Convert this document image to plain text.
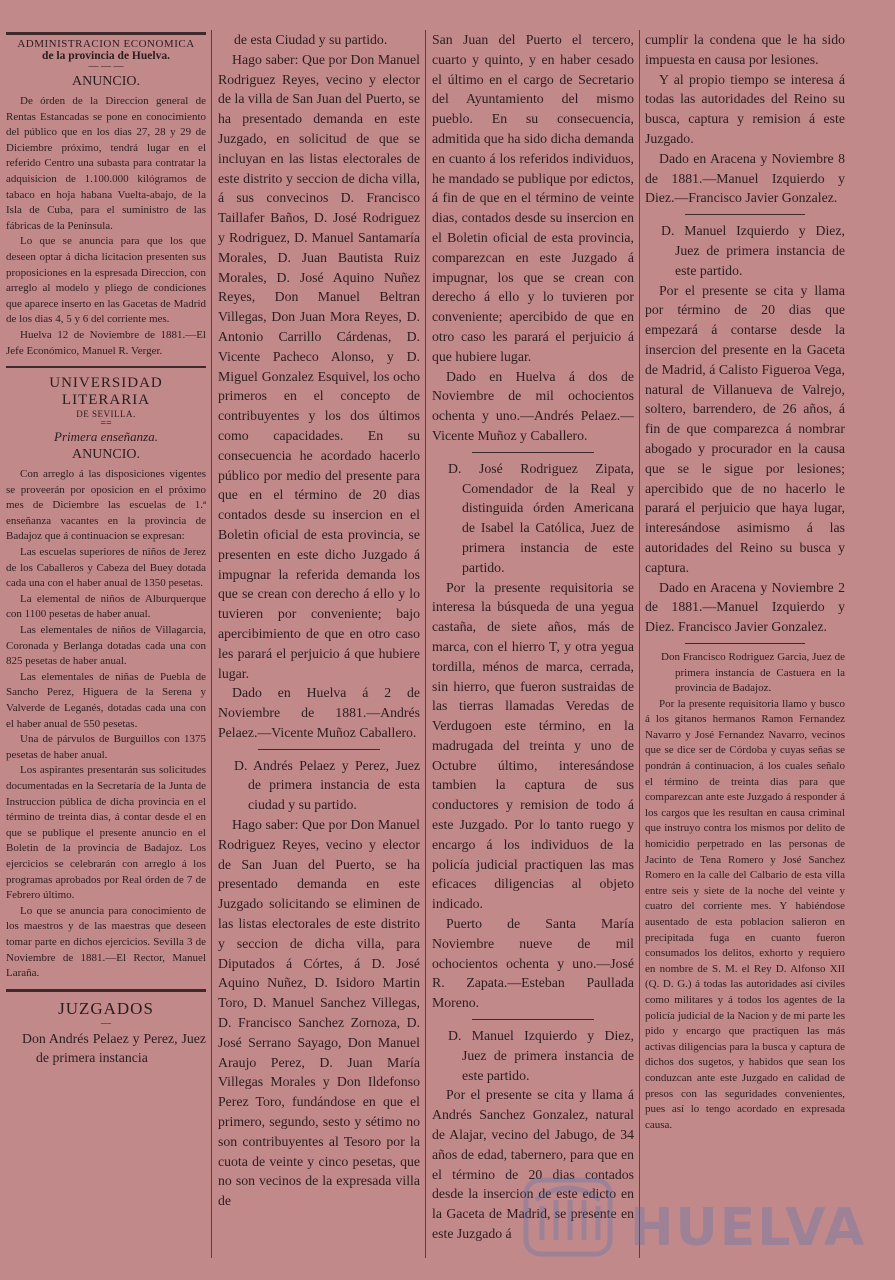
ADMINISTRACION ECONOMICA
de la provincia de Huelva.
— — —
ANUNCIO.

De órden de la Direccion general de Rentas Estancadas se pone en conocimiento del público que en los dias 27, 28 y 29 de Diciembre próximo, tendrá lugar en el referido Centro una subasta para contratar la adquisicion de 1.100.000 kilógramos de tabaco en hoja habana Vuelta-abajo, de la Isla de Cuba, para el suministro de las fábricas de la Península.

Lo que se anuncia para que los que deseen optar á dicha licitacion presenten sus proposiciones en la espresada Direccion, con arreglo al modelo y pliego de condiciones que aparece inserto en las Gacetas de Madrid de los dias 4, 5 y 6 del corriente mes.

Huelva 12 de Noviembre de 1881.—El Jefe Económico, Manuel R. Verger.

UNIVERSIDAD LITERARIA
DE SEVILLA.
==
Primera enseñanza.
ANUNCIO.

Con arreglo á las disposiciones vigentes se proveerán por oposicion en el próximo mes de Diciembre las escuelas de 1.ª enseñanza vacantes en la provincia de Badajoz que á continuacion se expresan:

Las escuelas superiores de niños de Jerez de los Caballeros y Cabeza del Buey dotada cada una con el haber anual de 1350 pesetas.

La elemental de niños de Alburquerque con 1100 pesetas de haber anual.

Las elementales de niños de Villagarcia, Coronada y Berlanga dotadas cada una con 825 pesetas de haber anual.

Las elementales de niñas de Puebla de Sancho Perez, Higuera de la Serena y Valverde de Leganés, dotadas cada una con el haber anual de 550 pesetas.

Una de párvulos de Burguillos con 1375 pesetas de haber anual.

Los aspirantes presentarán sus solicitudes documentadas en la Secretaría de la Junta de Instruccion pública de dicha provincia en el término de treinta dias, á contar desde el en que se publique el presente anuncio en el Boletin de la provincia de Badajoz. Los ejercicios se celebrarán con arreglo á los programas aprobados por Real órden de 7 de Febrero último.

Lo que se anuncia para conocimiento de los maestros y de las maestras que deseen tomar parte en dichos ejercicios. Sevilla 3 de Noviembre de 1881.—El Rector, Manuel Laraña.

JUZGADOS
—

Don Andrés Pelaez y Perez, Juez de primera instancia

de esta Ciudad y su partido.

Hago saber: Que por Don Manuel Rodriguez Reyes, vecino y elector de la villa de San Juan del Puerto, se ha presentado demanda en este Juzgado, en solicitud de que se incluyan en las listas electorales de este distrito y seccion de dicha villa, á sus convecinos D. Francisco Taillafer Baños, D. José Rodriguez y Rodriguez, D. Manuel Santamaría Morales, D. Juan Bautista Ruiz Morales, D. José Aquino Nuñez Reyes, Don Manuel Beltran Villegas, Don Juan Mora Reyes, D. Antonio Carrillo Cárdenas, D. Vicente Pacheco Alonso, y D. Miguel Gonzalez Esquivel, los ocho primeros en el concepto de contribuyentes y los dos últimos como capacidades. En su consecuencia he acordado hacerlo público por medio del presente para que en el término de 20 dias contados desde su insercion en el Boletin oficial de esta provincia, se presenten en este dicho Juzgado á impugnar la referida demanda los que se crean con derecho á ello y lo tuvieren por conveniente; bajo apercibimiento de que en otro caso les parará el perjuicio á que hubiere lugar.

Dado en Huelva á 2 de Noviembre de 1881.—Andrés Pelaez.—Vicente Muñoz Caballero.

D. Andrés Pelaez y Perez, Juez de primera instancia de esta ciudad y su partido.

Hago saber: Que por Don Manuel Rodriguez Reyes, vecino y elector de San Juan del Puerto, se ha presentado demanda en este Juzgado solicitando se eliminen de las listas electorales de este distrito y seccion de dicha villa, para Diputados á Córtes, á D. José Aquino Nuñez, D. Isidoro Martin Toro, D. Manuel Sanchez Villegas, D. Francisco Sanchez Zornoza, D. José Serrano Sayago, Don Manuel Araujo Perez, D. Juan María Villegas Morales y Don Ildefonso Perez Toro, fundándose en que el primero, segundo, sesto y sétimo no son contribuyentes al Tesoro por la cuota de veinte y cinco pesetas, que no son vecinos de la expresada villa de

San Juan del Puerto el tercero, cuarto y quinto, y en haber cesado el último en el cargo de Secretario del Ayuntamiento del mismo pueblo. En su consecuencia, admitida que ha sido dicha demanda en cuanto á los referidos individuos, he mandado se publique por edictos, á fin de que en el término de veinte dias, contados desde su insercion en el Boletin oficial de esta provincia, comparezcan en este Juzgado á impugnar, los que se crean con derecho á ello y lo tuvieren por conveniente; apercibido de que en otro caso les parará el perjuicio á que hubiere lugar.

Dado en Huelva á dos de Noviembre de mil ochocientos ochenta y uno.—Andrés Pelaez.—Vicente Muñoz y Caballero.

D. José Rodriguez Zipata, Comendador de la Real y distinguida órden Americana de Isabel la Católica, Juez de primera instancia de este partido.

Por la presente requisitoria se interesa la búsqueda de una yegua castaña, de siete años, más de marca, con el hierro T, y otra yegua tordilla, ménos de marca, cerrada, sin hierro, que fueron sustraidas de las tierras llamadas Veredas de Verdugoen este término, en la madrugada del treinta y uno de Octubre último, interesándose tambien la captura de sus conductores y remision de todo á este Juzgado. Por lo tanto ruego y encargo á los individuos de la policía judicial practiquen las mas eficaces diligencias al objeto indicado.

Puerto de Santa María Noviembre nueve de mil ochocientos ochenta y uno.—José R. Zapata.—Esteban Paullada Moreno.

D. Manuel Izquierdo y Diez, Juez de primera instancia de este partido.

Por el presente se cita y llama á Andrés Sanchez Gonzalez, natural de Alajar, vecino del Jabugo, de 34 años de edad, tabernero, para que en el término de 20 dias contados desde la insercion de este edicto en la Gaceta de Madrid, se presente en este Juzgado á

cumplir la condena que le ha sido impuesta en causa por lesiones.

Y al propio tiempo se interesa á todas las autoridades del Reino su busca, captura y remision á este Juzgado.

Dado en Aracena y Noviembre 8 de 1881.—Manuel Izquierdo y Diez.—Francisco Javier Gonzalez.

D. Manuel Izquierdo y Diez, Juez de primera instancia de este partido.

Por el presente se cita y llama por término de 20 dias que empezará á contarse desde la insercion del presente en la Gaceta de Madrid, á Calisto Figueroa Vega, natural de Villanueva de Valrejo, soltero, barrendero, de 26 años, á fin de que comparezca á nombrar abogado y procurador en la causa que se le sigue por lesiones; apercibido que de no hacerlo le parará el perjuicio que haya lugar, interesándose asimismo á las autoridades del Reino su busca y captura.

Dado en Aracena y Noviembre 2 de 1881.—Manuel Izquierdo y Diez. Francisco Javier Gonzalez.

Don Francisco Rodriguez Garcia, Juez de primera instancia de Castuera en la provincia de Badajoz.

Por la presente requisitoria llamo y busco á los gitanos hermanos Ramon Fernandez Navarro y José Fernandez Navarro, vecinos que se dice ser de Córdoba y cuyas señas se pondrán á continuacion, á los cuales señalo el término de treinta dias para que comparezcan ante este Juzgado á responder á los cargos que les resultan en causa criminal que instruyo contra los mismos por delito de homicidio perpetrado en las personas de Jacinto de Tena Romero y José Sanchez Romero en la calle del Calbario de esta villa entre seis y siete de la noche del veinte y cuatro del corriente mes. Y habiéndose ausentado de esta poblacion salieron en precipitada fuga en cuanto fueron consumados los delitos, exhorto y requiero en nombre de S. M. el Rey D. Alfonso XII (Q. D. G.) á todas las autoridades así civiles como militares y á todos los agentes de la policía judicial de la Nacion y de mi parte les pido y encargo que practiquen las más activas diligencias para la busca y captura de dichos dos sugetos, y habidos que sean los conduzcan ante este Juzgado en calidad de presos con las seguridades convenientes, pues así lo tengo acordado en expresada causa.

HUELVA
